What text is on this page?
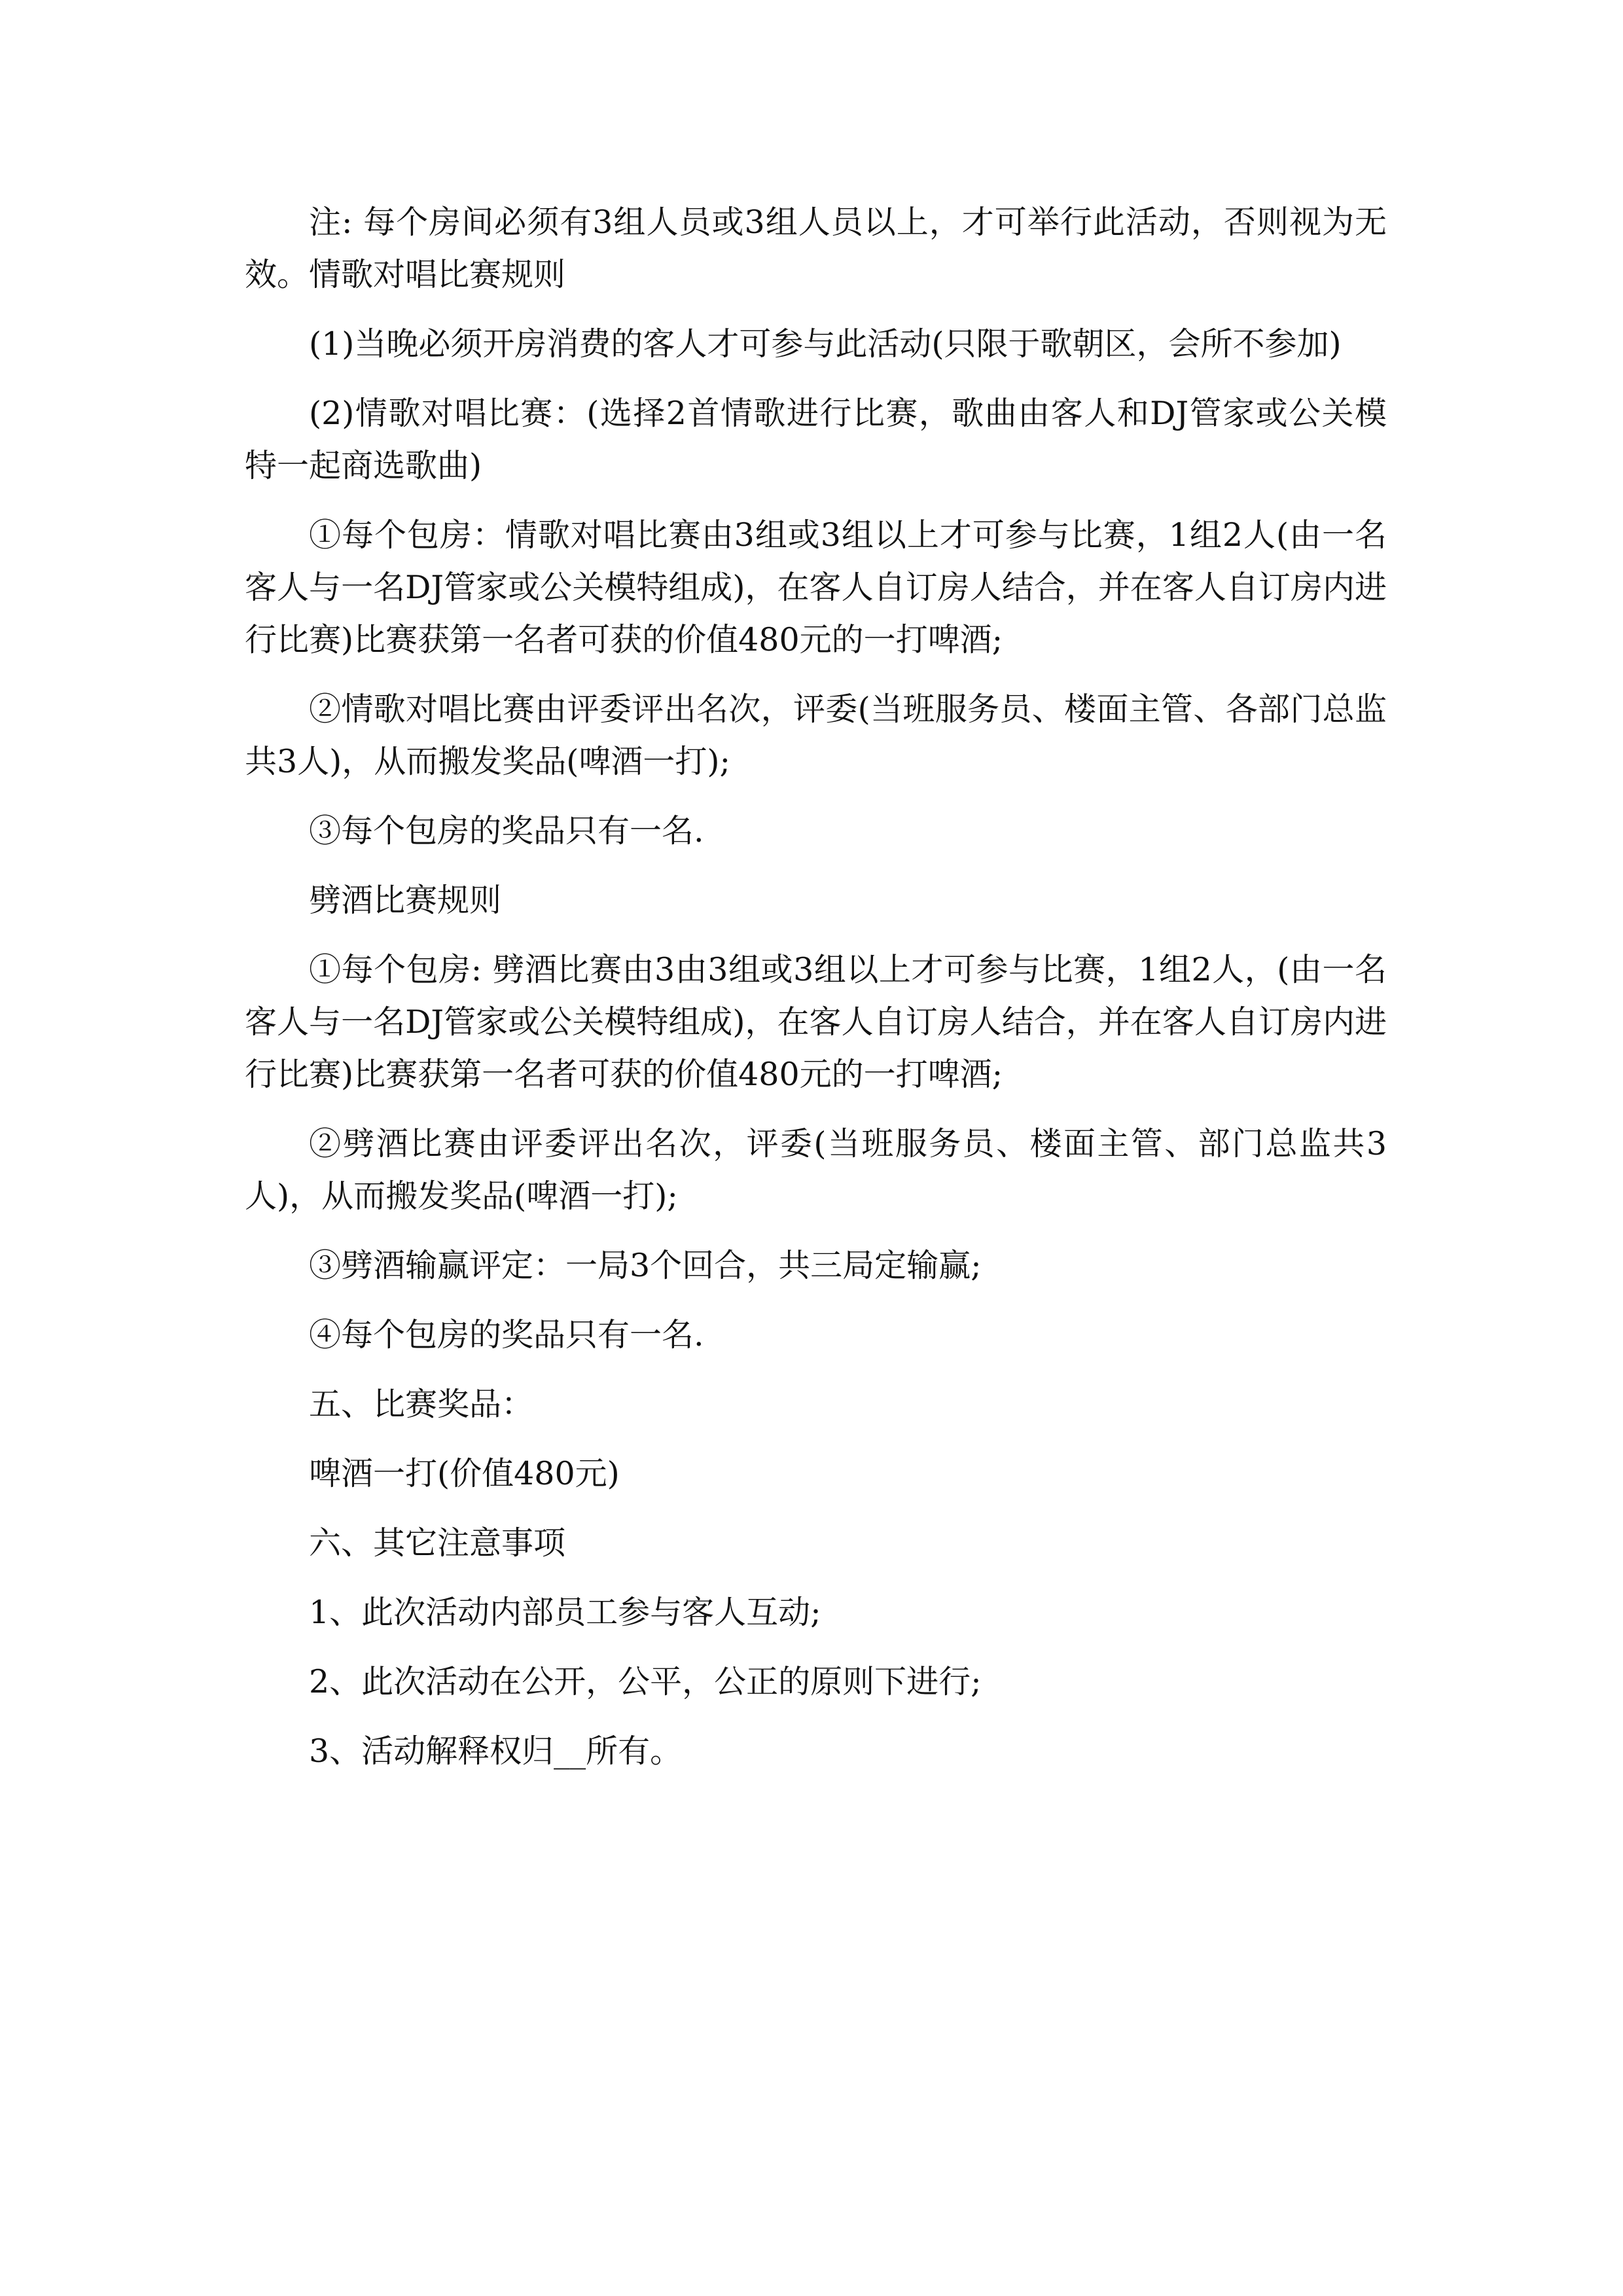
注: 每个房间必须有3组人员或3组人员以上，才可举行此活动，否则视为无效。情歌对唱比赛规则

(1)当晚必须开房消费的客人才可参与此活动(只限于歌朝区，会所不参加)

(2)情歌对唱比赛：(选择2首情歌进行比赛，歌曲由客人和DJ管家或公关模特一起商选歌曲)

①每个包房：情歌对唱比赛由3组或3组以上才可参与比赛，1组2人(由一名客人与一名DJ管家或公关模特组成)，在客人自订房人结合，并在客人自订房内进行比赛)比赛获第一名者可获的价值480元的一打啤酒;

②情歌对唱比赛由评委评出名次，评委(当班服务员、楼面主管、各部门总监共3人)，从而搬发奖品(啤酒一打);

③每个包房的奖品只有一名.

劈酒比赛规则

①每个包房: 劈酒比赛由3由3组或3组以上才可参与比赛，1组2人，(由一名客人与一名DJ管家或公关模特组成)，在客人自订房人结合，并在客人自订房内进行比赛)比赛获第一名者可获的价值480元的一打啤酒;

②劈酒比赛由评委评出名次，评委(当班服务员、楼面主管、部门总监共3人)，从而搬发奖品(啤酒一打);

③劈酒输赢评定：一局3个回合，共三局定输赢;

④每个包房的奖品只有一名.

五、比赛奖品：

啤酒一打(价值480元)

六、其它注意事项

1、此次活动内部员工参与客人互动;

2、此次活动在公开，公平，公正的原则下进行;

3、活动解释权归__所有。
